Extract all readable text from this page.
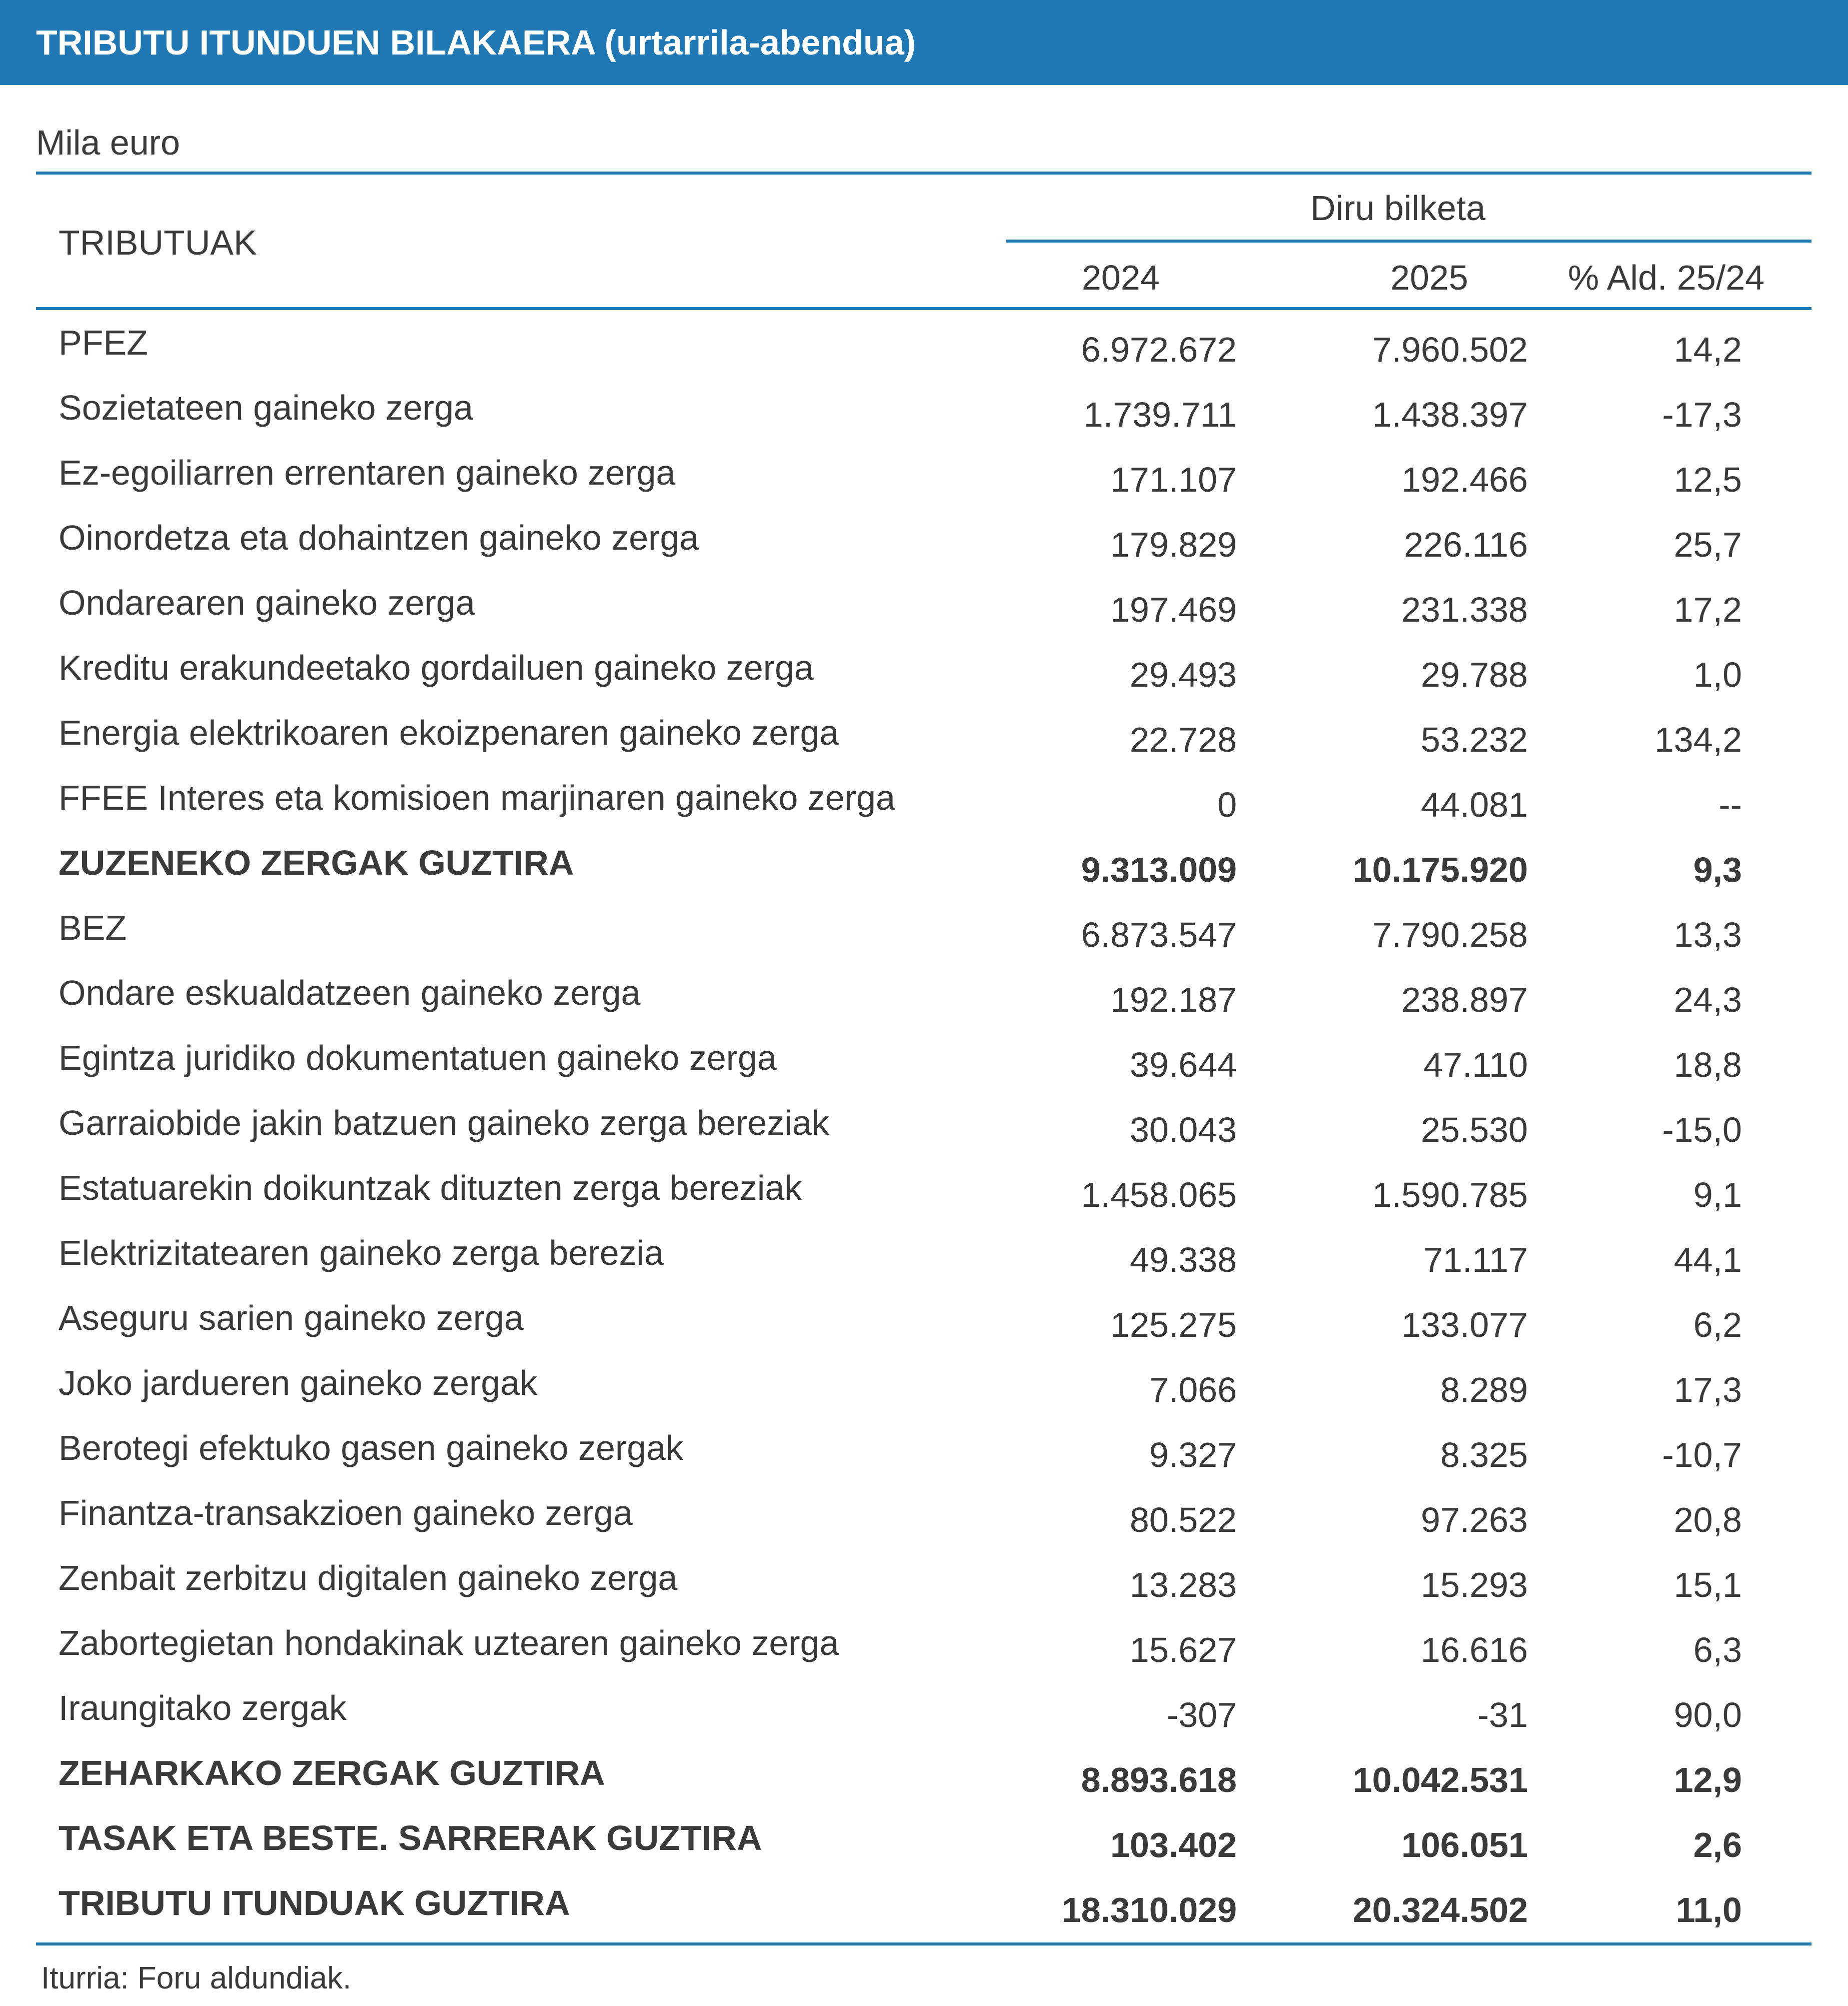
TRIBUTU ITUNDUEN BILAKAERA (urtarrila-abendua)
Mila euro
TRIBUTUAK
Diru bilketa
2024	2025	% Ald. 25/24
PFEZ	6.972.672	7.960.502	14,2
Sozietateen gaineko zerga	1.739.711	1.438.397	-17,3
Ez-egoiliarren errentaren gaineko zerga	171.107	192.466	12,5
Oinordetza eta dohaintzen gaineko zerga	179.829	226.116	25,7
Ondarearen gaineko zerga	197.469	231.338	17,2
Kreditu erakundeetako gordailuen gaineko zerga	29.493	29.788	1,0
Energia elektrikoaren ekoizpenaren gaineko zerga	22.728	53.232	134,2
FFEE Interes eta komisioen marjinaren gaineko zerga	0	44.081	--
ZUZENEKO ZERGAK GUZTIRA	9.313.009	10.175.920	9,3
BEZ	6.873.547	7.790.258	13,3
Ondare eskualdatzeen gaineko zerga	192.187	238.897	24,3
Egintza juridiko dokumentatuen gaineko zerga	39.644	47.110	18,8
Garraiobide jakin batzuen gaineko zerga bereziak	30.043	25.530	-15,0
Estatuarekin doikuntzak dituzten zerga bereziak	1.458.065	1.590.785	9,1
Elektrizitatearen gaineko zerga berezia	49.338	71.117	44,1
Aseguru sarien gaineko zerga	125.275	133.077	6,2
Joko jardueren gaineko zergak	7.066	8.289	17,3
Berotegi efektuko gasen gaineko zergak	9.327	8.325	-10,7
Finantza-transakzioen gaineko zerga	80.522	97.263	20,8
Zenbait zerbitzu digitalen gaineko zerga	13.283	15.293	15,1
Zabortegietan hondakinak uztearen gaineko zerga	15.627	16.616	6,3
Iraungitako zergak	-307	-31	90,0
ZEHARKAKO ZERGAK GUZTIRA	8.893.618	10.042.531	12,9
TASAK ETA BESTE. SARRERAK GUZTIRA	103.402	106.051	2,6
TRIBUTU ITUNDUAK GUZTIRA	18.310.029	20.324.502	11,0
Iturria: Foru aldundiak.
